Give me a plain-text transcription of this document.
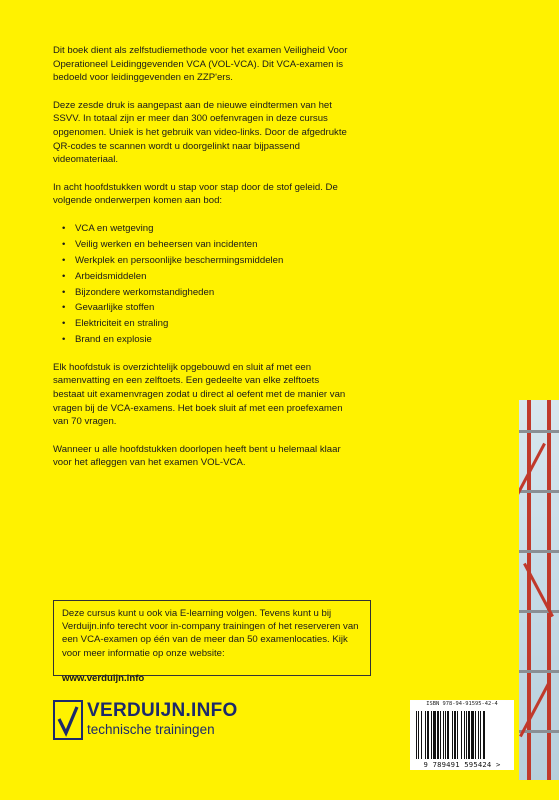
Dit boek dient als zelfstudiemethode voor het examen Veiligheid Voor Operationeel Leidinggevenden VCA (VOL-VCA). Dit VCA-examen is bedoeld voor leidinggevenden en ZZP'ers.

Deze zesde druk is aangepast aan de nieuwe eindtermen van het SSVV. In totaal zijn er meer dan 300 oefenvragen in deze cursus opgenomen. Uniek is het gebruik van video-links. Door de afgedrukte QR-codes te scannen wordt u doorgelinkt naar bijpassend videomateriaal.

In acht hoofdstukken wordt u stap voor stap door de stof geleid. De volgende onderwerpen komen aan bod:

• VCA en wetgeving
• Veilig werken en beheersen van incidenten
• Werkplek en persoonlijke beschermingsmiddelen
• Arbeidsmiddelen
• Bijzondere werkomstandigheden
• Gevaarlijke stoffen
• Elektriciteit en straling
• Brand en explosie

Elk hoofdstuk is overzichtelijk opgebouwd en sluit af met een samenvatting en een zelftoets. Een gedeelte van elke zelftoets bestaat uit examenvragen zodat u direct al oefent met de manier van vragen bij de VCA-examens. Het boek sluit af met een proefexamen van 70 vragen.

Wanneer u alle hoofdstukken doorlopen heeft bent u helemaal klaar voor het afleggen van het examen VOL-VCA.

Deze cursus kunt u ook via E-learning volgen. Tevens kunt u bij Verduijn.info terecht voor in-company trainingen of het reserveren van een VCA-examen op één van de meer dan 50 examenlocaties. Kijk voor meer informatie op onze website:
www.verduijn.info
VERDUIJN.INFO
technische trainingen
ISBN 978-94-91595-42-4
9 789491 595424 >
